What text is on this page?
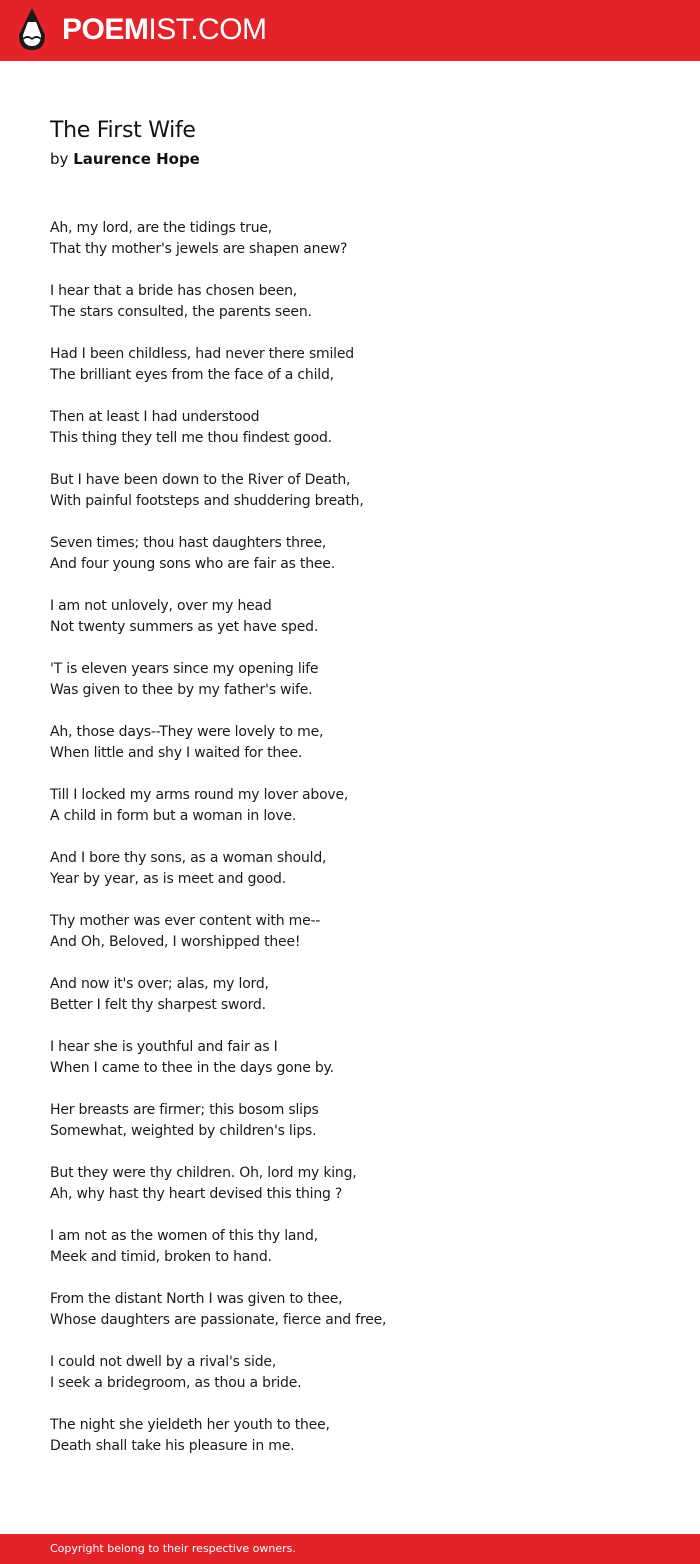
POEMIST.COM
The First Wife
by Laurence Hope

Ah, my lord, are the tidings true,
That thy mother's jewels are shapen anew?

I hear that a bride has chosen been,
The stars consulted, the parents seen.

Had I been childless, had never there smiled
The brilliant eyes from the face of a child,

Then at least I had understood
This thing they tell me thou findest good.

But I have been down to the River of Death,
With painful footsteps and shuddering breath,

Seven times; thou hast daughters three,
And four young sons who are fair as thee.

I am not unlovely, over my head
Not twenty summers as yet have sped.

'T is eleven years since my opening life
Was given to thee by my father's wife.

Ah, those days--They were lovely to me,
When little and shy I waited for thee.

Till I locked my arms round my lover above,
A child in form but a woman in love.

And I bore thy sons, as a woman should,
Year by year, as is meet and good.

Thy mother was ever content with me--
And Oh, Beloved, I worshipped thee!

And now it's over; alas, my lord,
Better I felt thy sharpest sword.

I hear she is youthful and fair as I
When I came to thee in the days gone by.

Her breasts are firmer; this bosom slips
Somewhat, weighted by children's lips.

But they were thy children. Oh, lord my king,
Ah, why hast thy heart devised this thing ?

I am not as the women of this thy land,
Meek and timid, broken to hand.

From the distant North I was given to thee,
Whose daughters are passionate, fierce and free,

I could not dwell by a rival's side,
I seek a bridegroom, as thou a bride.

The night she yieldeth her youth to thee,
Death shall take his pleasure in me.

Copyright belong to their respective owners.
